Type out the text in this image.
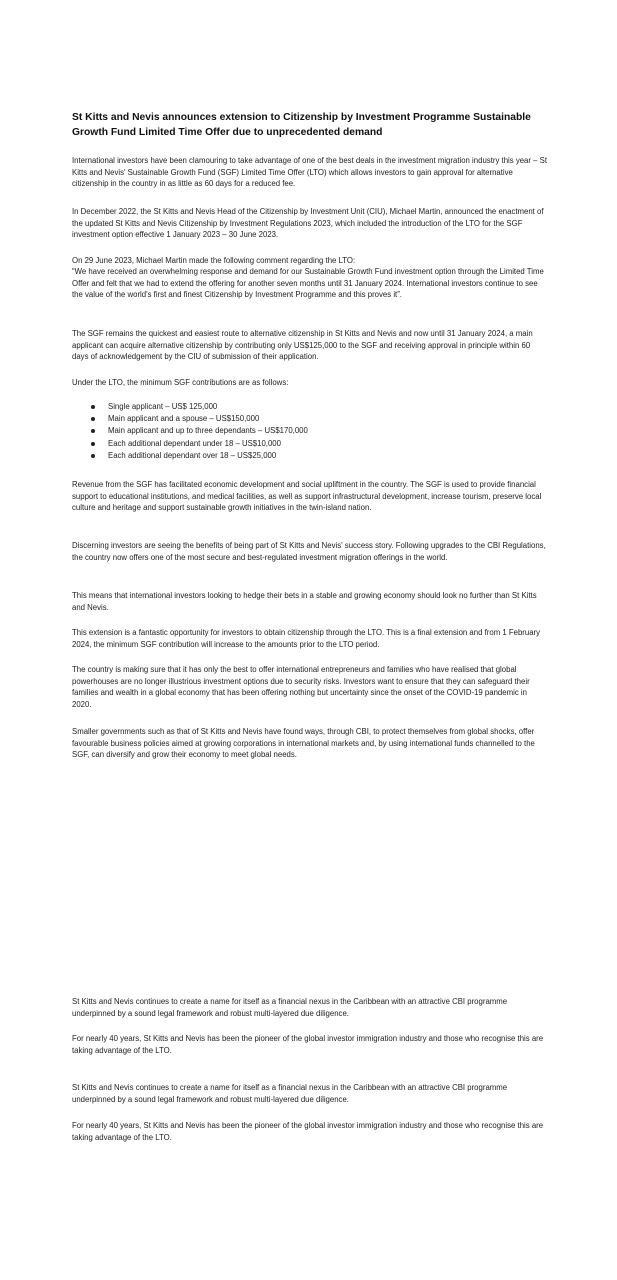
St Kitts and Nevis announces extension to Citizenship by Investment Programme Sustainable Growth Fund Limited Time Offer due to unprecedented demand

International investors have been clamouring to take advantage of one of the best deals in the investment migration industry this year – St Kitts and Nevis' Sustainable Growth Fund (SGF) Limited Time Offer (LTO) which allows investors to gain approval for alternative citizenship in the country in as little as 60 days for a reduced fee.

In December 2022, the St Kitts and Nevis Head of the Citizenship by Investment Unit (CIU), Michael Martin, announced the enactment of the updated St Kitts and Nevis Citizenship by Investment Regulations 2023, which included the introduction of the LTO for the SGF investment option effective 1 January 2023 – 30 June 2023.

On 29 June 2023, Michael Martin made the following comment regarding the LTO:

“We have received an overwhelming response and demand for our Sustainable Growth Fund investment option through the Limited Time Offer and felt that we had to extend the offering for another seven months until 31 January 2024. International investors continue to see the value of the world's first and finest Citizenship by Investment Programme and this proves it”.

The SGF remains the quickest and easiest route to alternative citizenship in St Kitts and Nevis and now until 31 January 2024, a main applicant can acquire alternative citizenship by contributing only US$125,000 to the SGF and receiving approval in principle within 60 days of acknowledgement by the CIU of submission of their application.

Under the LTO, the minimum SGF contributions are as follows:

Single applicant – US$ 125,000
Main applicant and a spouse – US$150,000
Main applicant and up to three dependants – US$170,000
Each additional dependant under 18 – US$10,000
Each additional dependant over 18 – US$25,000

Revenue from the SGF has facilitated economic development and social upliftment in the country. The SGF is used to provide financial support to educational institutions, and medical facilities, as well as support infrastructural development, increase tourism, preserve local culture and heritage and support sustainable growth initiatives in the twin-island nation.

Discerning investors are seeing the benefits of being part of St Kitts and Nevis' success story. Following upgrades to the CBI Regulations, the country now offers one of the most secure and best-regulated investment migration offerings in the world.

This means that international investors looking to hedge their bets in a stable and growing economy should look no further than St Kitts and Nevis.

This extension is a fantastic opportunity for investors to obtain citizenship through the LTO. This is a final extension and from 1 February 2024, the minimum SGF contribution will increase to the amounts prior to the LTO period.

The country is making sure that it has only the best to offer international entrepreneurs and families who have realised that global powerhouses are no longer illustrious investment options due to security risks. Investors want to ensure that they can safeguard their families and wealth in a global economy that has been offering nothing but uncertainty since the onset of the COVID-19 pandemic in 2020.

Smaller governments such as that of St Kitts and Nevis have found ways, through CBI, to protect themselves from global shocks, offer favourable business policies aimed at growing corporations in international markets and, by using international funds channelled to the SGF, can diversify and grow their economy to meet global needs.

St Kitts and Nevis continues to create a name for itself as a financial nexus in the Caribbean with an attractive CBI programme underpinned by a sound legal framework and robust multi-layered due diligence.

For nearly 40 years, St Kitts and Nevis has been the pioneer of the global investor immigration industry and those who recognise this are taking advantage of the LTO.

St Kitts and Nevis continues to create a name for itself as a financial nexus in the Caribbean with an attractive CBI programme underpinned by a sound legal framework and robust multi-layered due diligence.

For nearly 40 years, St Kitts and Nevis has been the pioneer of the global investor immigration industry and those who recognise this are taking advantage of the LTO.
